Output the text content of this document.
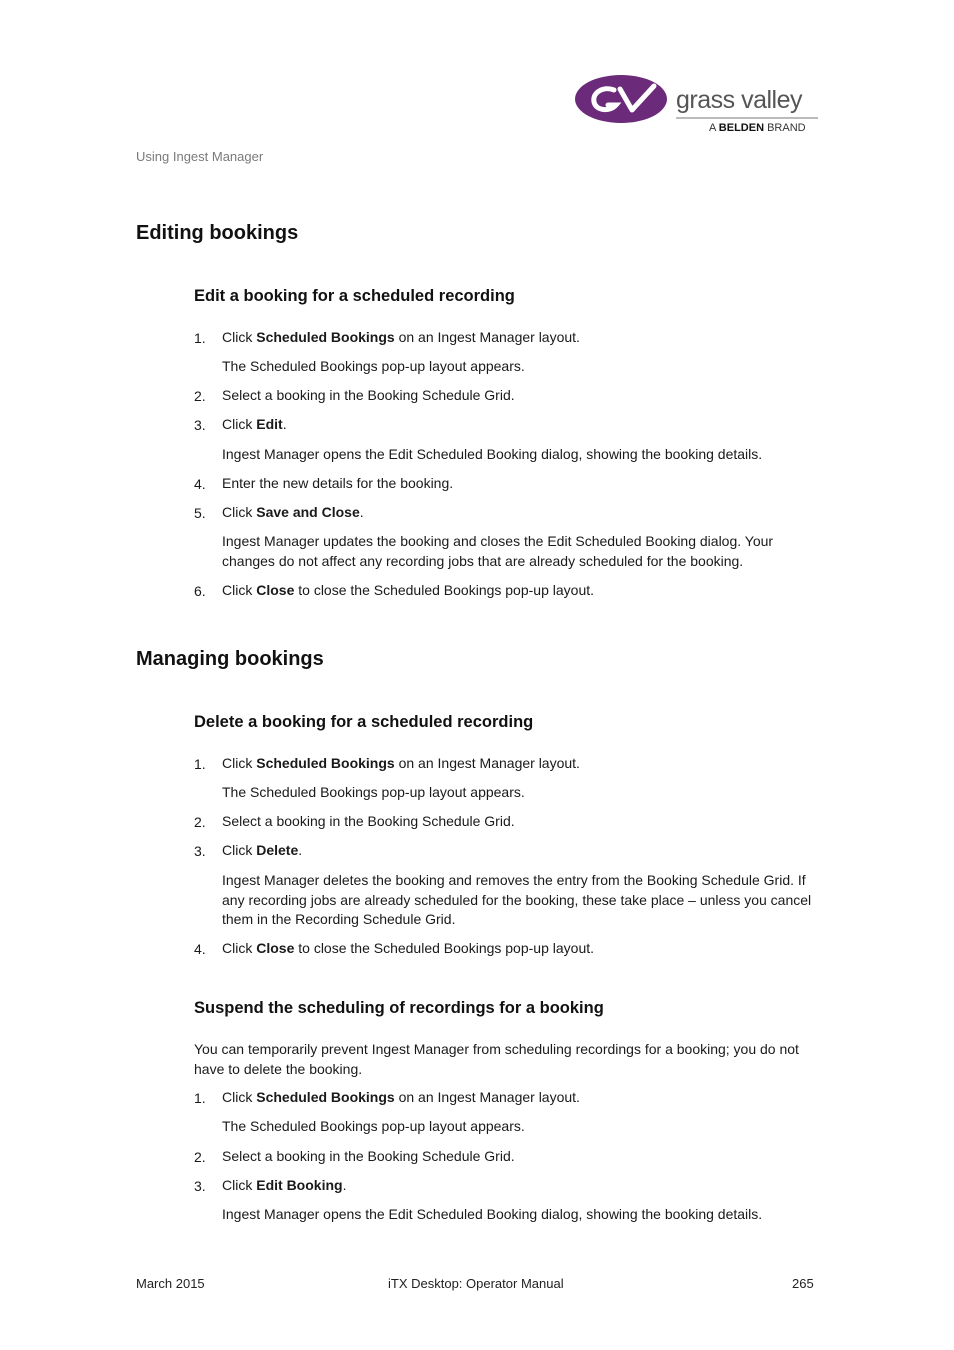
grass valley
A BELDEN BRAND
Using Ingest Manager
Editing bookings
Edit a booking for a scheduled recording
1. Click Scheduled Bookings on an Ingest Manager layout.
The Scheduled Bookings pop-up layout appears.
2. Select a booking in the Booking Schedule Grid.
3. Click Edit.
Ingest Manager opens the Edit Scheduled Booking dialog, showing the booking details.
4. Enter the new details for the booking.
5. Click Save and Close.
Ingest Manager updates the booking and closes the Edit Scheduled Booking dialog. Your changes do not affect any recording jobs that are already scheduled for the booking.
6. Click Close to close the Scheduled Bookings pop-up layout.
Managing bookings
Delete a booking for a scheduled recording
1. Click Scheduled Bookings on an Ingest Manager layout.
The Scheduled Bookings pop-up layout appears.
2. Select a booking in the Booking Schedule Grid.
3. Click Delete.
Ingest Manager deletes the booking and removes the entry from the Booking Schedule Grid. If any recording jobs are already scheduled for the booking, these take place – unless you cancel them in the Recording Schedule Grid.
4. Click Close to close the Scheduled Bookings pop-up layout.
Suspend the scheduling of recordings for a booking
You can temporarily prevent Ingest Manager from scheduling recordings for a booking; you do not have to delete the booking.
1. Click Scheduled Bookings on an Ingest Manager layout.
The Scheduled Bookings pop-up layout appears.
2. Select a booking in the Booking Schedule Grid.
3. Click Edit Booking.
Ingest Manager opens the Edit Scheduled Booking dialog, showing the booking details.
March 2015	iTX Desktop: Operator Manual	265
